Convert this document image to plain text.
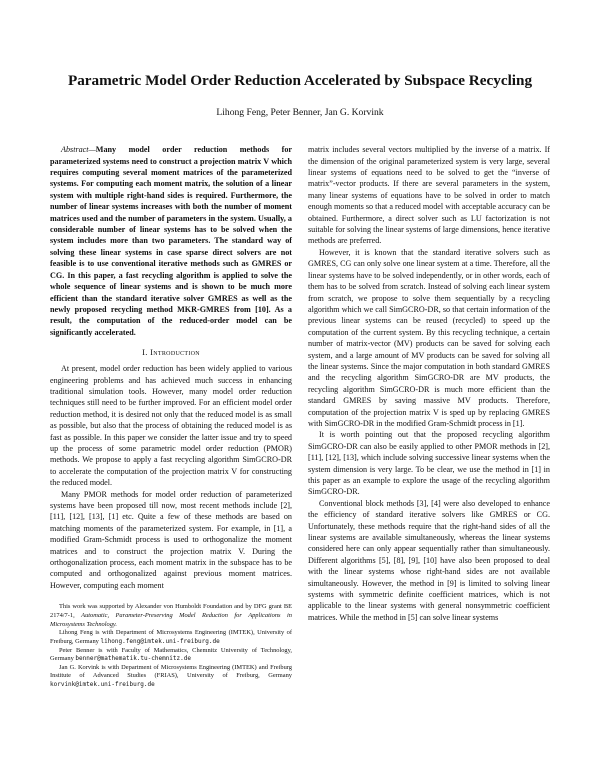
Parametric Model Order Reduction Accelerated by Subspace Recycling
Lihong Feng, Peter Benner, Jan G. Korvink

Abstract—Many model order reduction methods for parameterized systems need to construct a projection matrix V which requires computing several moment matrices of the parameterized systems. For computing each moment matrix, the solution of a linear system with multiple right-hand sides is required. Furthermore, the number of linear systems increases with both the number of moment matrices used and the number of parameters in the system. Usually, a considerable number of linear systems has to be solved when the system includes more than two parameters. The standard way of solving these linear systems in case sparse direct solvers are not feasible is to use conventional iterative methods such as GMRES or CG. In this paper, a fast recycling algorithm is applied to solve the whole sequence of linear systems and is shown to be much more efficient than the standard iterative solver GMRES as well as the newly proposed recycling method MKR-GMRES from [10]. As a result, the computation of the reduced-order model can be significantly accelerated.

I. Introduction

At present, model order reduction has been widely applied to various engineering problems and has achieved much success in enhancing traditional simulation tools. However, many model order reduction techniques still need to be further improved. For an efficient model order reduction method, it is desired not only that the reduced model is as small as possible, but also that the process of obtaining the reduced model is as fast as possible. In this paper we consider the latter issue and try to speed up the process of some parametric model order reduction (PMOR) methods. We propose to apply a fast recycling algorithm SimGCRO-DR to accelerate the computation of the projection matrix V for constructing the reduced model.

Many PMOR methods for model order reduction of parameterized systems have been proposed till now, most recent methods include [2], [11], [12], [13], [1] etc. Quite a few of these methods are based on matching moments of the parameterized system. For example, in [1], a modified Gram-Schmidt process is used to orthogonalize the moment matrices and to construct the projection matrix V. During the orthogonalization process, each moment matrix in the subspace has to be computed and orthogonalized against previous moment matrices. However, computing each moment

This work was supported by Alexander von Humboldt Foundation and by DFG grant BE 2174/7-1, Automatic, Parameter-Preserving Model Reduction for Applications in Microsystems Technology.

Lihong Feng is with Department of Microsystems Engineering (IMTEK), University of Freiburg, Germany lihong.feng@imtek.uni-freiburg.de

Peter Benner is with Faculty of Mathematics, Chemnitz University of Technology, Germany benner@mathematik.tu-chemnitz.de

Jan G. Korvink is with Department of Microsystems Engineering (IMTEK) and Freiburg Institute of Advanced Studies (FRIAS), University of Freiburg, Germany korvink@imtek.uni-freiburg.de

matrix includes several vectors multiplied by the inverse of a matrix. If the dimension of the original parameterized system is very large, several linear systems of equations need to be solved to get the “inverse of matrix”-vector products. If there are several parameters in the system, many linear systems of equations have to be solved in order to match enough moments so that a reduced model with acceptable accuracy can be obtained. Furthermore, a direct solver such as LU factorization is not suitable for solving the linear systems of large dimensions, hence iterative methods are preferred.

However, it is known that the standard iterative solvers such as GMRES, CG can only solve one linear system at a time. Therefore, all the linear systems have to be solved independently, or in other words, each of them has to be solved from scratch. Instead of solving each linear system from scratch, we propose to solve them sequentially by a recycling algorithm which we call SimGCRO-DR, so that certain information of the previous linear systems can be reused (recycled) to speed up the computation of the current system. By this recycling technique, a certain number of matrix-vector (MV) products can be saved for solving each system, and a large amount of MV products can be saved for solving all the linear systems. Since the major computation in both standard GMRES and the recycling algorithm SimGCRO-DR are MV products, the recycling algorithm SimGCRO-DR is much more efficient than the standard GMRES by saving massive MV products. Therefore, computation of the projection matrix V is sped up by replacing GMRES with SimGCRO-DR in the modified Gram-Schmidt process in [1].

It is worth pointing out that the proposed recycling algorithm SimGCRO-DR can also be easily applied to other PMOR methods in [2], [11], [12], [13], which include solving successive linear systems when the system dimension is very large. To be clear, we use the method in [1] in this paper as an example to explore the usage of the recycling algorithm SimGCRO-DR.

Conventional block methods [3], [4] were also developed to enhance the efficiency of standard iterative solvers like GMRES or CG. Unfortunately, these methods require that the right-hand sides of all the linear systems are available simultaneously, whereas the linear systems considered here can only appear sequentially rather than simultaneously. Different algorithms [5], [8], [9], [10] have also been proposed to deal with the linear systems whose right-hand sides are not available simultaneously. However, the method in [9] is limited to solving linear systems with symmetric definite coefficient matrices, which is not applicable to the linear systems with general nonsymmetric coefficient matrices. While the method in [5] can solve linear systems
